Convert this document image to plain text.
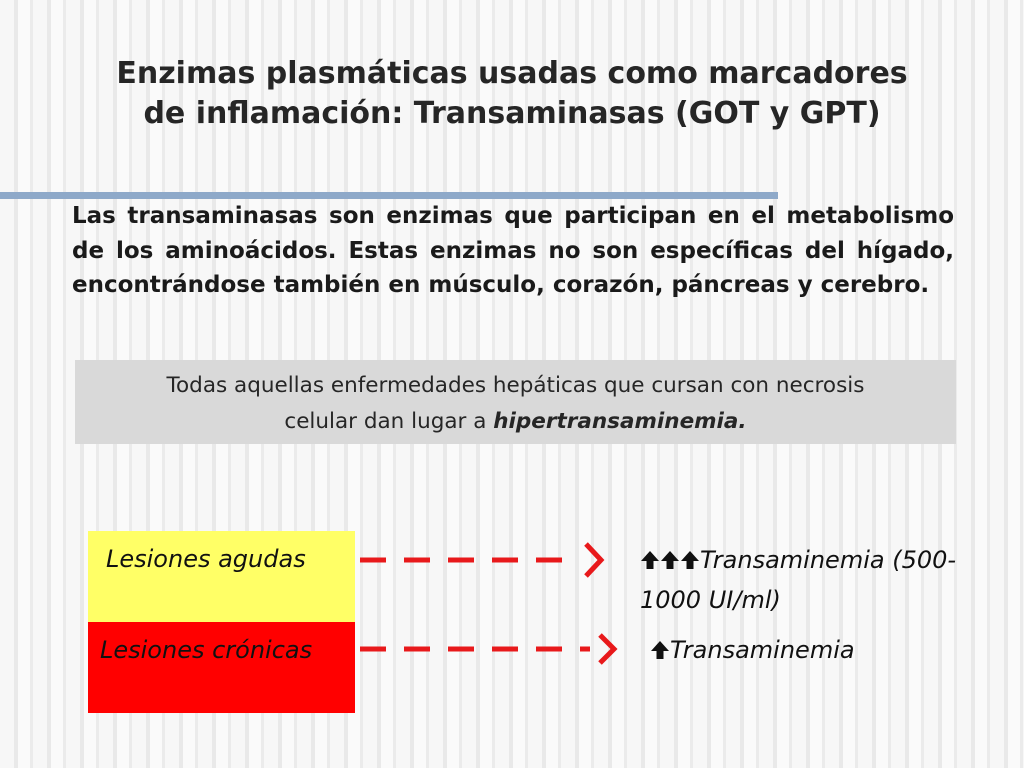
Enzimas plasmáticas usadas como marcadores
de inflamación: Transaminasas (GOT y GPT)

Las transaminasas son enzimas que participan en el metabolismo de los aminoácidos. Estas enzimas no son específicas del hígado, encontrándose también en músculo, corazón, páncreas y cerebro.

Todas aquellas enfermedades hepáticas que cursan con necrosis
celular dan lugar a hipertransaminemia.
Lesiones agudas
Lesiones crónicas
Transaminemia (500-
1000 UI/ml)
Transaminemia
